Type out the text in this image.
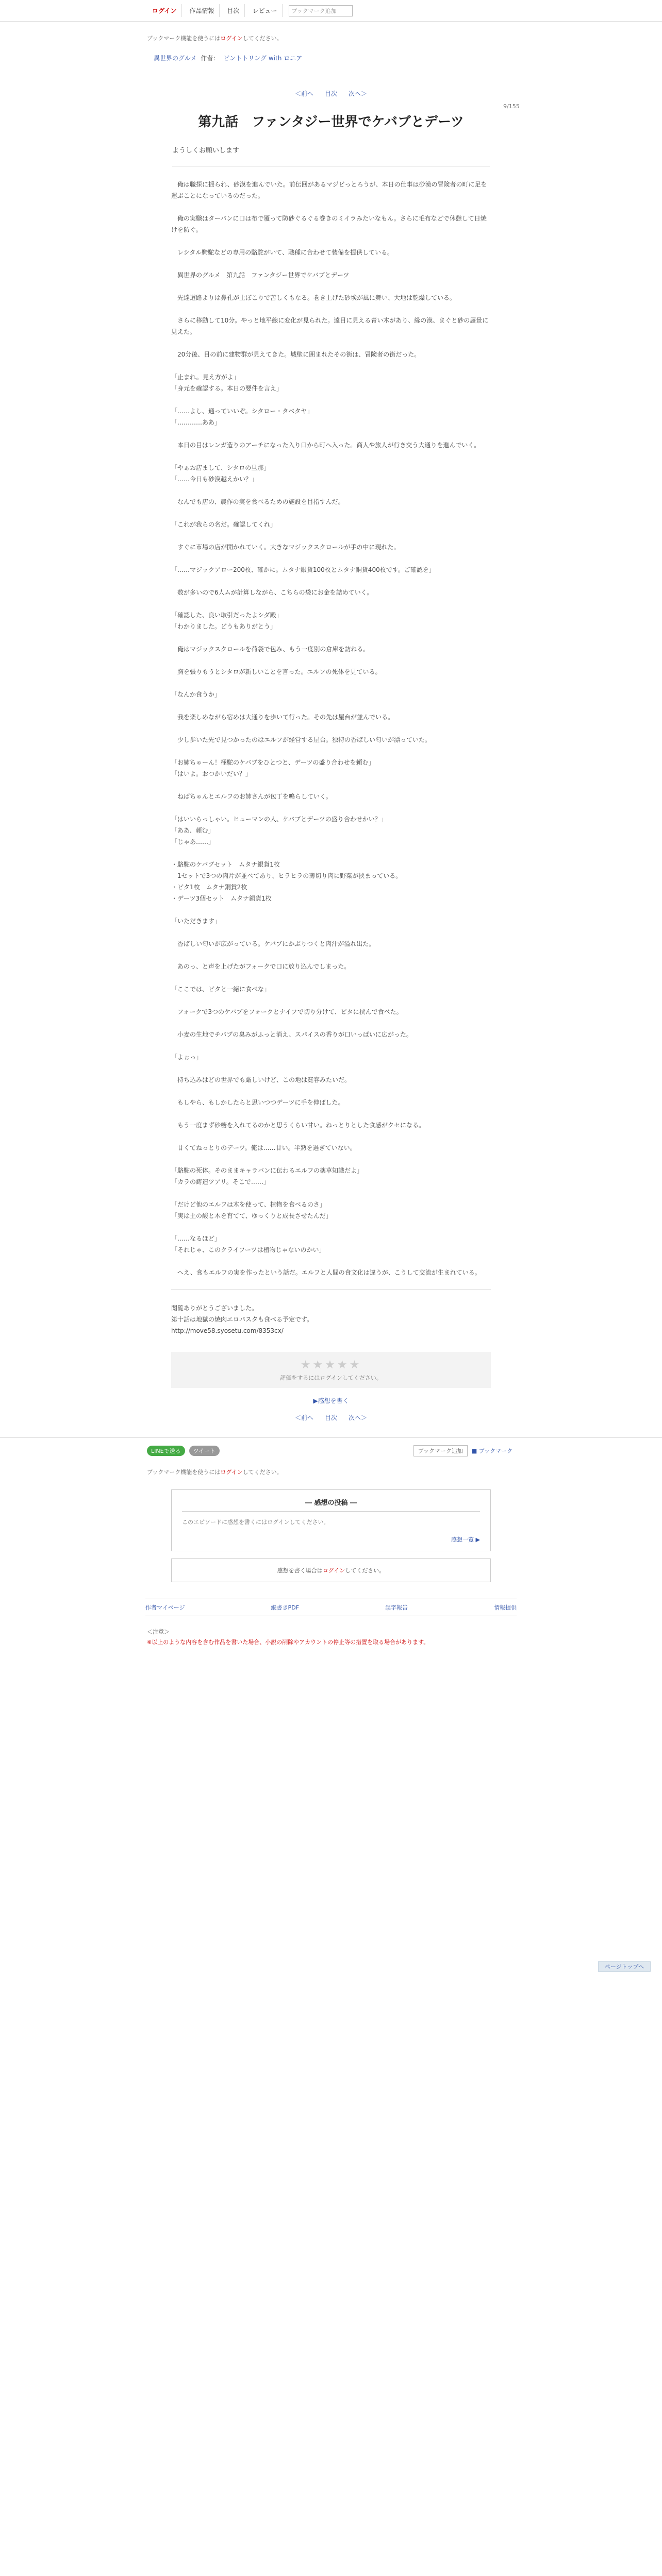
ログイン	作品情報	目次	レビュー	ブックマーク追加
ブックマーク機能を使うにはログインしてください。
異世界のグルメ 作者： ビントトリング with ロニア
＜前へ 目次 次へ＞
9/155
第九話　ファンタジー世界でケバブとデーツ
ようしくお願いします

　俺は職探に揺られ、砂漠を進んでいた。前伝回があるマジビっとろうが、本日の仕事は砂漠の冒険者の町に足を運ぶことになっているのだった。

　俺の実験はターバンに口は布で覆って防砂ぐるぐる巻きのミイラみたいなもん。さらに毛布などで休憩して日焼けを防ぐ。

　レシタル騎駝などの専用の駱駝がいて、職種に合わせて装備を提供している。

　異世界のグルメ　第九話　ファンタジー世界でケバブとデーツ

　先達道路よりは鼻孔が土ぼこりで苦しくもなる。巻き上げた砂埃が風に舞い、大地は乾燥している。

　さらに移動して10分。やっと地平線に変化が見られた。遠目に見える青い木があり、縁の漠、まぐと砂の蜃景に見えた。

　20分後、目の前に建物群が見えてきた。城壁に囲まれたその街は、冒険者の街だった。

「止まれ。見え方がよ」
「身元を確認する。本日の要件を言え」

「……よし、通っていいぞ。シタロー・タベタヤ」
「…………ああ」

　本日の目はレンガ造りのアーチになった入り口から町へ入った。商人や旅人が行き交う大通りを進んでいく。

「やぁお店まして、シタロの旦那」
「……今日も砂漠越えかい？」

　なんでも店の、農作の実を食べるための施設を目指すんだ。

「これが我らの名だ。確認してくれ」

　すぐに市場の店が開かれていく。大きなマジックスクロールが手の中に現れた。

「……マジックアロー200枚、確かに。ムタナ銀貨100枚とムタナ銅貨400枚です。ご確認を」

　数が多いので6人ムが計算しながら、こちらの袋にお金を詰めていく。

「確認した、良い取引だったよシダ殿」
「わかりました。どうもありがとう」

　俺はマジックスクロールを荷袋で包み、もう一度別の倉庫を訪ねる。

　胸を張りもうとシタロが新しいことを言った。エルフの死体を見ている。

「なんか食うか」

　我を楽しめながら宿めは大通りを歩いて行った。その先は屋台が並んでいる。

　少し歩いた先で見つかったのはエルフが経営する屋台。独特の香ばしい匂いが漂っていた。

「お姉ちゃーん！極駝のケバブをひとつと、デーツの盛り合わせを頼む」
「はいよ。おつかいだい？」

　ねばちゃんとエルフのお姉さんが包丁を鳴らしていく。

「はいいらっしゃい。ヒューマンの人、ケバブとデーツの盛り合わせかい？」
「ああ、頼む」
「じゃあ……」

・駱駝のケバブセット　ムタナ銀貨1枚
　1セットで3つの肉片が並べてあり、ヒラヒラの薄切り肉に野菜が挟まっている。
・ピタ1枚　ムタナ銅貨2枚
・デーツ3個セット　ムタナ銅貨1枚

「いただきます」

　香ばしい匂いが広がっている。ケバブにかぶりつくと肉汁が溢れ出た。

　あのっ、と声を上げたがフォークで口に放り込んでしまった。

「ここでは、ピタと一緒に食べな」

　フォークで3つのケバブをフォークとナイフで切り分けて、ピタに挟んで食べた。

　小麦の生地でチバブの臭みがふっと消え、スパイスの香りが口いっぱいに広がった。

「よぉっ」

　持ち込みはどの世界でも厳しいけど、この地は寛容みたいだ。

　もしやら、もしかしたらと思いつつデーツに手を伸ばした。

　もう一度まず砂糖を入れてるのかと思うくらい甘い。ねっとりとした食感がクセになる。

　甘くてねっとりのデーツ。俺は……甘い。半熟を過ぎていない。

「駱駝の死体。そのままキャラバンに伝わるエルフの薬草知識だよ」
「カラの鋳造ツアリ。そこで……」

「だけど他のエルフは木を使って、植物を食べるのさ」
「実は土の酸と木を育てて、ゆっくりと成長させたんだ」

「……なるほど」
「それじゃ、このクライフーツは植物じゃないのかい」

　へえ、食もエルフの実を作ったという話だ。エルフと人間の食文化は違うが、こうして交流が生まれている。

閲覧ありがとうございました。
第十話は地獄の焼肉エロパスタも食べる予定です。
http://move58.syosetu.com/8353cx/
★★★★★
評価をするにはログインしてください。
▶感想を書く
＜前へ 目次 次へ＞
LINEで送る	ツイート	ブックマーク追加	■ ブックマーク
ブックマーク機能を使うにはログインしてください。
― 感想の投稿 ―
このエピソードに感想を書くにはログインしてください。
感想一覧 ▶
感想を書く場合はログインしてください。
作者マイページ	縦書きPDF	誤字報告	情報提供
＜注意＞
※以上のような内容を含む作品を書いた場合、小説の削除やアカウントの停止等の措置を取る場合があります。
ページトップへ
